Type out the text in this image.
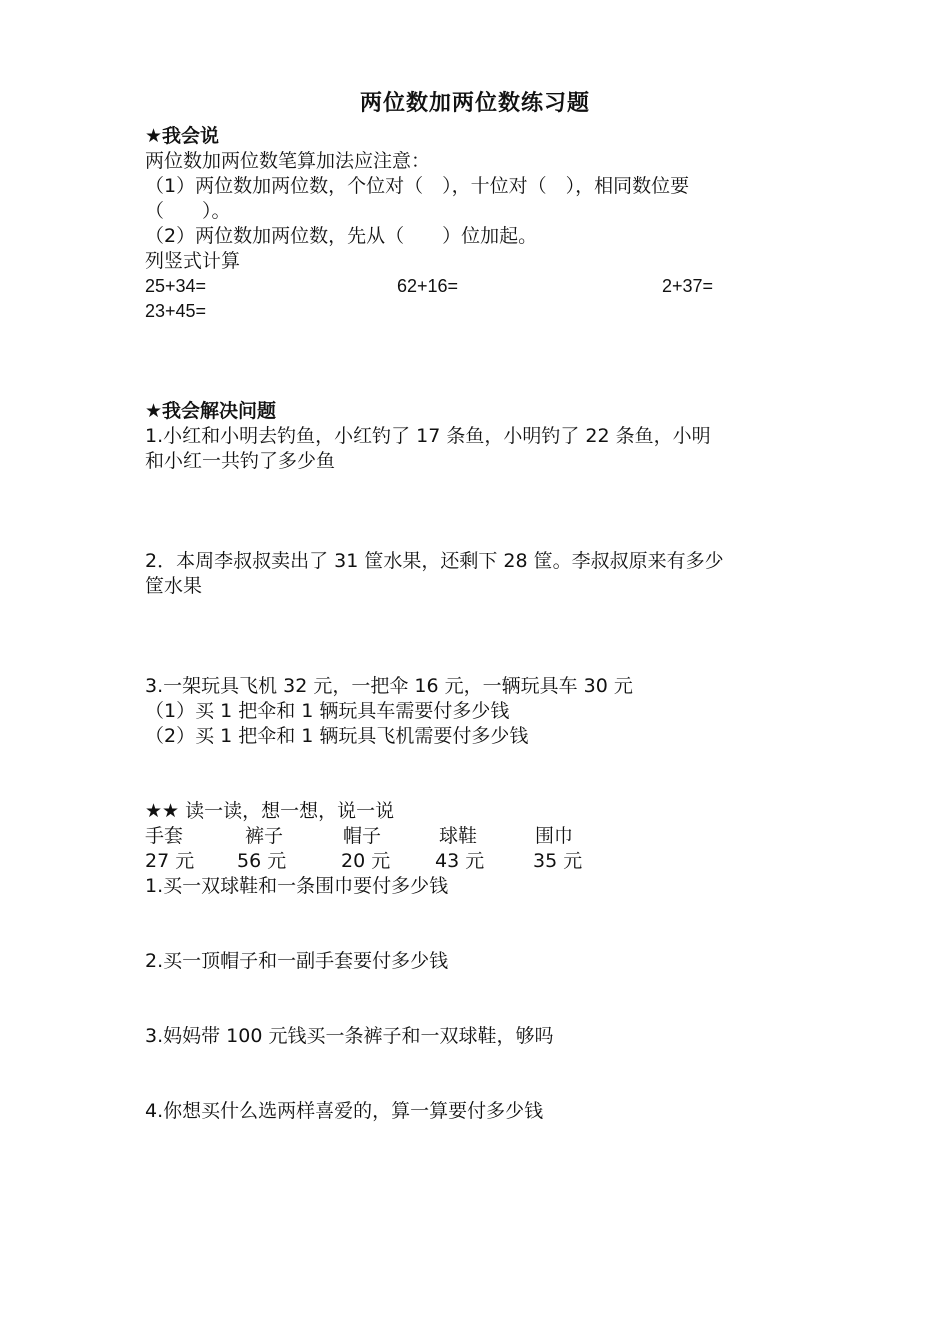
两位数加两位数练习题
★我会说
两位数加两位数笔算加法应注意：
（1）两位数加两位数，个位对（　），十位对（　），相同数位要
（　　）。
（2）两位数加两位数，先从（　　）位加起。
列竖式计算
25+34=	62+16=	2+37=
23+45=
★我会解决问题
1.小红和小明去钓鱼，小红钓了 17 条鱼，小明钓了 22 条鱼，小明
和小红一共钓了多少鱼
2．本周李叔叔卖出了 31 筐水果，还剩下 28 筐。李叔叔原来有多少
筐水果
3.一架玩具飞机 32 元，一把伞 16 元，一辆玩具车 30 元
（1）买 1 把伞和 1 辆玩具车需要付多少钱
（2）买 1 把伞和 1 辆玩具飞机需要付多少钱
★★ 读一读，想一想，说一说
手套	裤子	帽子	球鞋	围巾
27 元	56 元	20 元	43 元	35 元
1.买一双球鞋和一条围巾要付多少钱
2.买一顶帽子和一副手套要付多少钱
3.妈妈带 100 元钱买一条裤子和一双球鞋，够吗
4.你想买什么选两样喜爱的，算一算要付多少钱
